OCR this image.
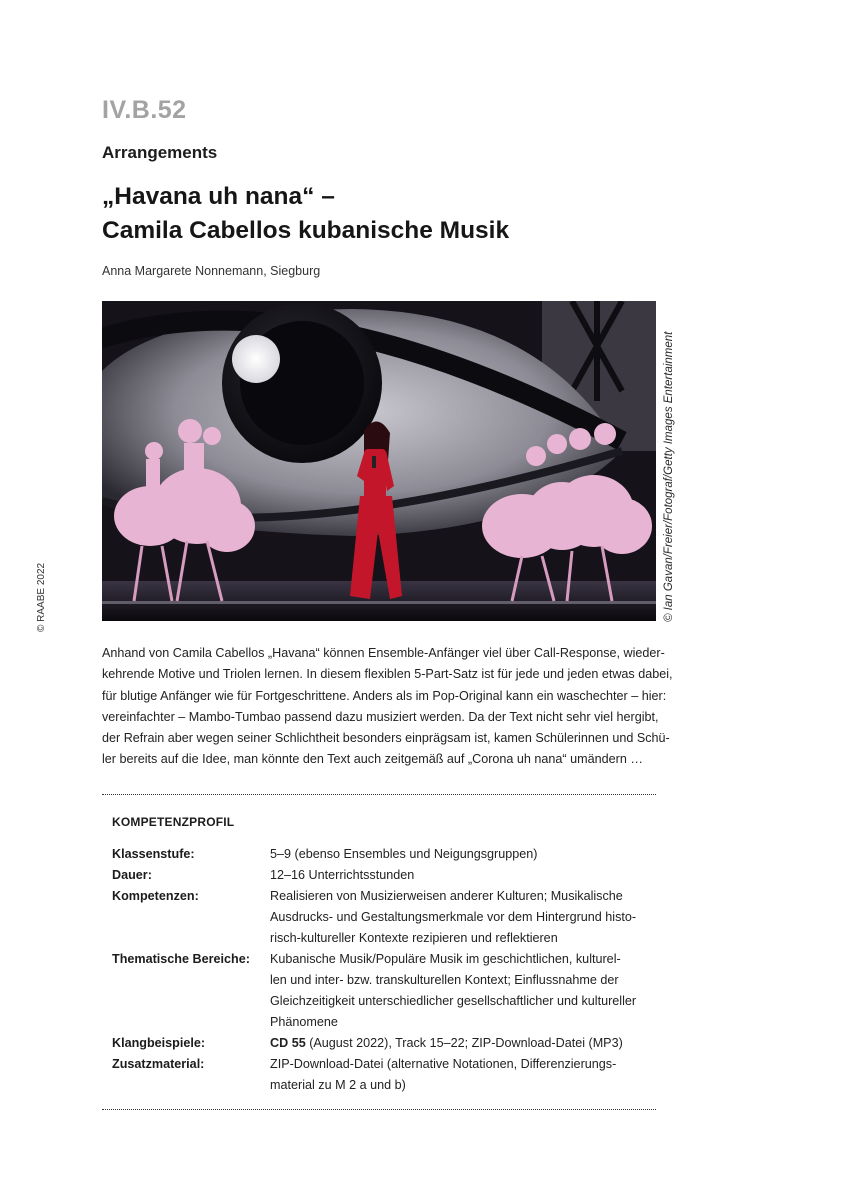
IV.B.52
Arrangements
„Havana uh nana“ –
Camila Cabellos kubanische Musik
Anna Margarete Nonnemann, Siegburg
© Ian Gavan/Freier/Fotograf/Getty Images Entertainment
© RAABE 2022

Anhand von Camila Cabellos „Havana“ können Ensemble-Anfänger viel über Call-Response, wieder-
kehrende Motive und Triolen lernen. In diesem flexiblen 5-Part-Satz ist für jede und jeden etwas dabei,
für blutige Anfänger wie für Fortgeschrittene. Anders als im Pop-Original kann ein waschechter – hier:
vereinfachter – Mambo-Tumbao passend dazu musiziert werden. Da der Text nicht sehr viel hergibt,
der Refrain aber wegen seiner Schlichtheit besonders einprägsam ist, kamen Schülerinnen und Schü-
ler bereits auf die Idee, man könnte den Text auch zeitgemäß auf „Corona uh nana“ umändern …

KOMPETENZPROFIL
Klassenstufe:	5–9 (ebenso Ensembles und Neigungsgruppen)
Dauer:	12–16 Unterrichtsstunden
Kompetenzen:	Realisieren von Musizierweisen anderer Kulturen; Musikalische
Ausdrucks- und Gestaltungsmerkmale vor dem Hintergrund histo-
risch-kultureller Kontexte rezipieren und reflektieren
Thematische Bereiche:	Kubanische Musik/Populäre Musik im geschichtlichen, kulturel-
len und inter- bzw. transkulturellen Kontext; Einflussnahme der
Gleichzeitigkeit unterschiedlicher gesellschaftlicher und kultureller
Phänomene
Klangbeispiele:	CD 55 (August 2022), Track 15–22; ZIP-Download-Datei (MP3)
Zusatzmaterial:	ZIP-Download-Datei (alternative Notationen, Differenzierungs-
material zu M 2 a und b)
